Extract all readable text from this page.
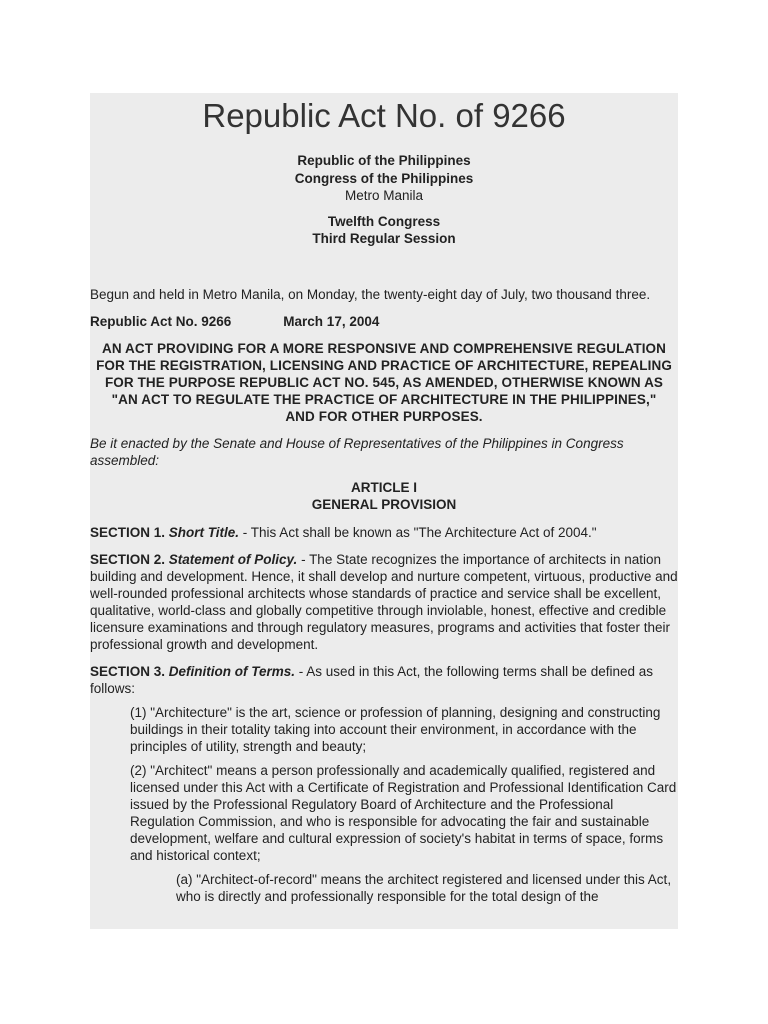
Republic Act No. of 9266
Republic of the Philippines
Congress of the Philippines
Metro Manila
Twelfth Congress
Third Regular Session

Begun and held in Metro Manila, on Monday, the twenty-eight day of July, two thousand three.

Republic Act No. 9266	March 17, 2004

AN ACT PROVIDING FOR A MORE RESPONSIVE AND COMPREHENSIVE REGULATION FOR THE REGISTRATION, LICENSING AND PRACTICE OF ARCHITECTURE, REPEALING FOR THE PURPOSE REPUBLIC ACT NO. 545, AS AMENDED, OTHERWISE KNOWN AS "AN ACT TO REGULATE THE PRACTICE OF ARCHITECTURE IN THE PHILIPPINES," AND FOR OTHER PURPOSES.

Be it enacted by the Senate and House of Representatives of the Philippines in Congress assembled:

ARTICLE I
GENERAL PROVISION

SECTION 1. Short Title. - This Act shall be known as "The Architecture Act of 2004."

SECTION 2. Statement of Policy. - The State recognizes the importance of architects in nation building and development. Hence, it shall develop and nurture competent, virtuous, productive and well-rounded professional architects whose standards of practice and service shall be excellent, qualitative, world-class and globally competitive through inviolable, honest, effective and credible licensure examinations and through regulatory measures, programs and activities that foster their professional growth and development.

SECTION 3. Definition of Terms. - As used in this Act, the following terms shall be defined as follows:

(1) "Architecture" is the art, science or profession of planning, designing and constructing buildings in their totality taking into account their environment, in accordance with the principles of utility, strength and beauty;

(2) "Architect" means a person professionally and academically qualified, registered and licensed under this Act with a Certificate of Registration and Professional Identification Card issued by the Professional Regulatory Board of Architecture and the Professional Regulation Commission, and who is responsible for advocating the fair and sustainable development, welfare and cultural expression of society's habitat in terms of space, forms and historical context;

(a) "Architect-of-record" means the architect registered and licensed under this Act, who is directly and professionally responsible for the total design of the
